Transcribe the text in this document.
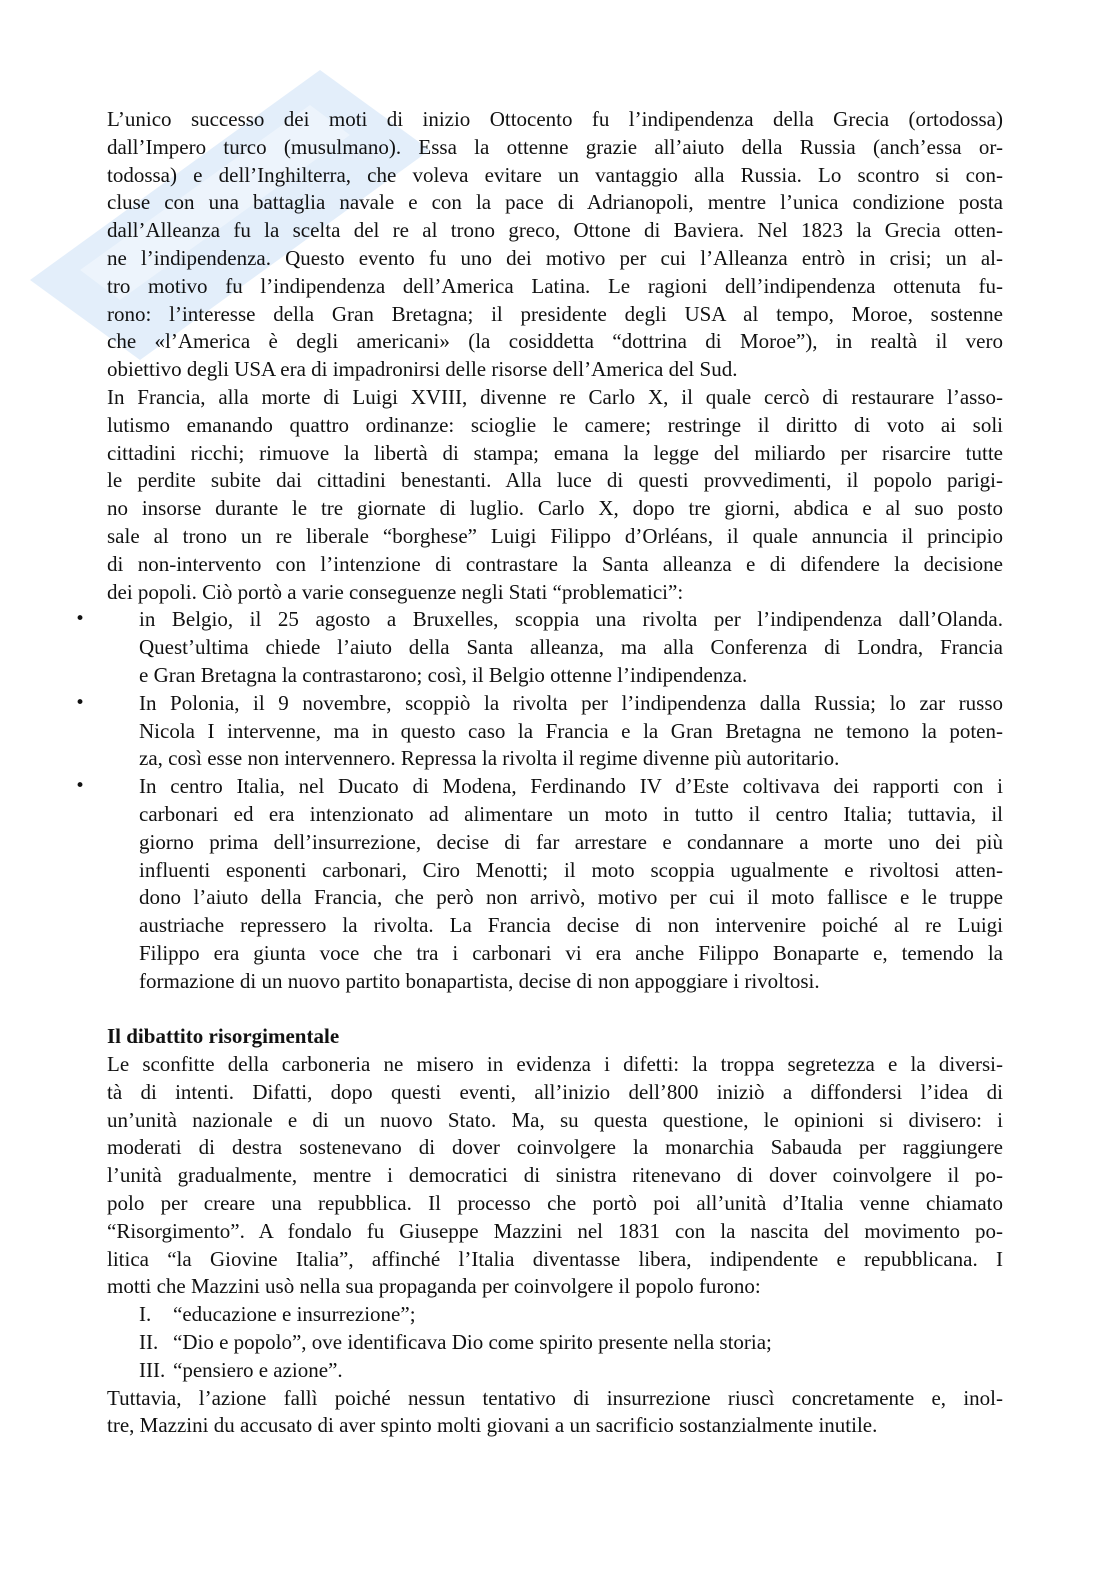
L’unico successo dei moti di inizio Ottocento fu l’indipendenza della Grecia (ortodossa)
dall’Impero turco (musulmano). Essa la ottenne grazie all’aiuto della Russia (anch’essa or-
todossa) e dell’Inghilterra, che voleva evitare un vantaggio alla Russia. Lo scontro si con-
cluse con una battaglia navale e con la pace di Adrianopoli, mentre l’unica condizione posta
dall’Alleanza fu la scelta del re al trono greco, Ottone di Baviera. Nel 1823 la Grecia otten-
ne l’indipendenza. Questo evento fu uno dei motivo per cui l’Alleanza entrò in crisi; un al-
tro motivo fu l’indipendenza dell’America Latina. Le ragioni dell’indipendenza ottenuta fu-
rono: l’interesse della Gran Bretagna; il presidente degli USA al tempo, Moroe, sostenne
che «l’America è degli americani» (la cosiddetta “dottrina di Moroe”), in realtà il vero
obiettivo degli USA era di impadronirsi delle risorse dell’America del Sud.
In Francia, alla morte di Luigi XVIII, divenne re Carlo X, il quale cercò di restaurare l’asso-
lutismo emanando quattro ordinanze: scioglie le camere; restringe il diritto di voto ai soli
cittadini ricchi; rimuove la libertà di stampa; emana la legge del miliardo per risarcire tutte
le perdite subite dai cittadini benestanti. Alla luce di questi provvedimenti, il popolo parigi-
no insorse durante le tre giornate di luglio. Carlo X, dopo tre giorni, abdica e al suo posto
sale al trono un re liberale “borghese” Luigi Filippo d’Orléans, il quale annuncia il principio
di non-intervento con l’intenzione di contrastare la Santa alleanza e di difendere la decisione
dei popoli. Ciò portò a varie conseguenze negli Stati “problematici”:
• in Belgio, il 25 agosto a Bruxelles, scoppia una rivolta per l’indipendenza dall’Olanda.
Quest’ultima chiede l’aiuto della Santa alleanza, ma alla Conferenza di Londra, Francia
e Gran Bretagna la contrastarono; così, il Belgio ottenne l’indipendenza.
• In Polonia, il 9 novembre, scoppiò la rivolta per l’indipendenza dalla Russia; lo zar russo
Nicola I intervenne, ma in questo caso la Francia e la Gran Bretagna ne temono la poten-
za, così esse non intervennero. Repressa la rivolta il regime divenne più autoritario.
• In centro Italia, nel Ducato di Modena, Ferdinando IV d’Este coltivava dei rapporti con i
carbonari ed era intenzionato ad alimentare un moto in tutto il centro Italia; tuttavia, il
giorno prima dell’insurrezione, decise di far arrestare e condannare a morte uno dei più
influenti esponenti carbonari, Ciro Menotti; il moto scoppia ugualmente e rivoltosi atten-
dono l’aiuto della Francia, che però non arrivò, motivo per cui il moto fallisce e le truppe
austriache repressero la rivolta. La Francia decise di non intervenire poiché al re Luigi
Filippo era giunta voce che tra i carbonari vi era anche Filippo Bonaparte e, temendo la
formazione di un nuovo partito bonapartista, decise di non appoggiare i rivoltosi.
Il dibattito risorgimentale
Le sconfitte della carboneria ne misero in evidenza i difetti: la troppa segretezza e la diversi-
tà di intenti. Difatti, dopo questi eventi, all’inizio dell’800 iniziò a diffondersi l’idea di
un’unità nazionale e di un nuovo Stato. Ma, su questa questione, le opinioni si divisero: i
moderati di destra sostenevano di dover coinvolgere la monarchia Sabauda per raggiungere
l’unità gradualmente, mentre i democratici di sinistra ritenevano di dover coinvolgere il po-
polo per creare una repubblica. Il processo che portò poi all’unità d’Italia venne chiamato
“Risorgimento”. A fondalo fu Giuseppe Mazzini nel 1831 con la nascita del movimento po-
litica “la Giovine Italia”, affinché l’Italia diventasse libera, indipendente e repubblicana. I
motti che Mazzini usò nella sua propaganda per coinvolgere il popolo furono:
I. “educazione e insurrezione”;
II. “Dio e popolo”, ove identificava Dio come spirito presente nella storia;
III. “pensiero e azione”.
Tuttavia, l’azione fallì poiché nessun tentativo di insurrezione riuscì concretamente e, inol-
tre, Mazzini du accusato di aver spinto molti giovani a un sacrificio sostanzialmente inutile.
